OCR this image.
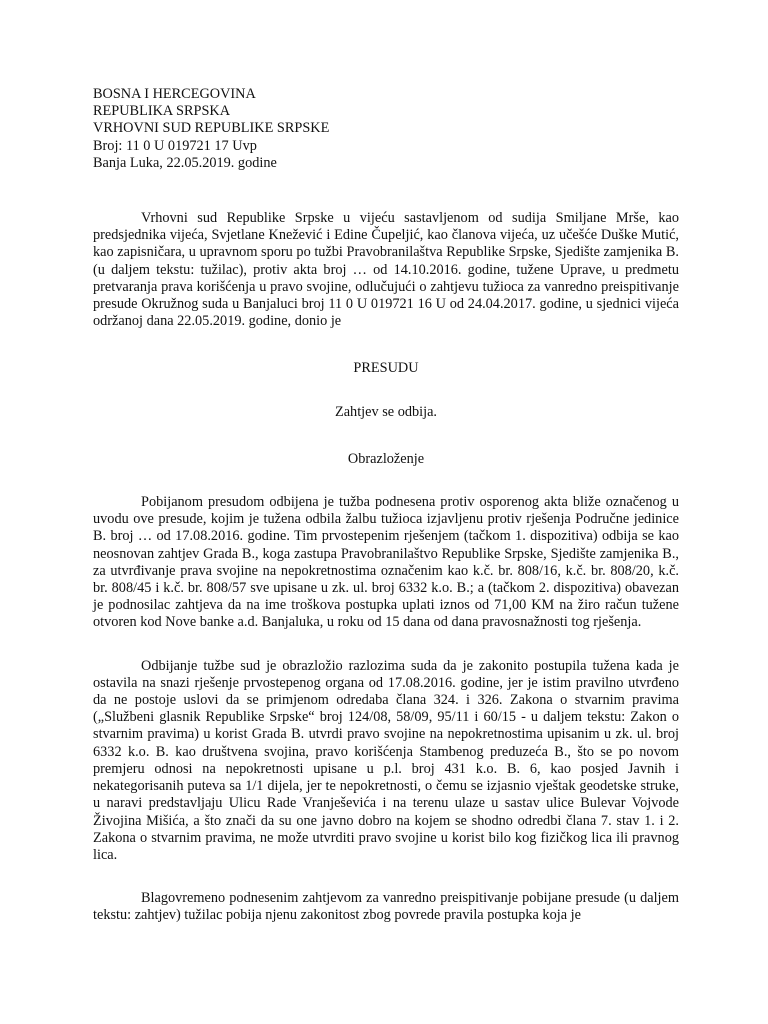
BOSNA I HERCEGOVINA

REPUBLIKA SRPSKA

VRHOVNI SUD REPUBLIKE SRPSKE

Broj: 11 0 U 019721 17 Uvp

Banja Luka, 22.05.2019. godine

Vrhovni sud Republike Srpske u vijeću sastavljenom od sudija Smiljane Mrše, kao predsjednika vijeća, Svjetlane Knežević i Edine Čupeljić, kao članova vijeća, uz učešće Duške Mutić, kao zapisničara, u upravnom sporu po tužbi Pravobranilaštva Republike Srpske, Sjedište zamjenika B. (u daljem tekstu: tužilac), protiv akta broj … od 14.10.2016. godine, tužene Uprave, u predmetu pretvaranja prava korišćenja u pravo svojine, odlučujući o zahtjevu tužioca za vanredno preispitivanje presude Okružnog suda u Banjaluci broj 11 0 U 019721 16 U od 24.04.2017. godine, u sjednici vijeća održanoj dana 22.05.2019. godine, donio je

PRESUDU

Zahtjev se odbija.

Obrazloženje

Pobijanom presudom odbijena je tužba podnesena protiv osporenog akta bliže označenog u uvodu ove presude, kojim je tužena odbila žalbu tužioca izjavljenu protiv rješenja Područne jedinice B. broj … od 17.08.2016. godine. Tim prvostepenim rješenjem (tačkom 1. dispozitiva) odbija se kao neosnovan zahtjev Grada B., koga zastupa Pravobranilaštvo Republike Srpske, Sjedište zamjenika B., za utvrđivanje prava svojine na nepokretnostima označenim kao k.č. br. 808/16, k.č. br. 808/20, k.č. br. 808/45 i k.č. br. 808/57 sve upisane u zk. ul. broj 6332 k.o. B.; a (tačkom 2. dispozitiva) obavezan je podnosilac zahtjeva da na ime troškova postupka uplati iznos od 71,00 KM na žiro račun tužene otvoren kod Nove banke a.d. Banjaluka, u roku od 15 dana od dana pravosnažnosti tog rješenja.

Odbijanje tužbe sud je obrazložio razlozima suda da je zakonito postupila tužena kada je ostavila na snazi rješenje prvostepenog organa od 17.08.2016. godine, jer je istim pravilno utvrđeno da ne postoje uslovi da se primjenom odredaba člana 324. i 326. Zakona o stvarnim pravima („Službeni glasnik Republike Srpske“ broj 124/08, 58/09, 95/11 i 60/15 - u daljem tekstu: Zakon o stvarnim pravima) u korist Grada B. utvrdi pravo svojine na nepokretnostima upisanim u zk. ul. broj 6332 k.o. B. kao društvena svojina, pravo korišćenja Stambenog preduzeća B., što se po novom premjeru odnosi na nepokretnosti upisane u p.l. broj 431 k.o. B. 6, kao posjed Javnih i nekategorisanih puteva sa 1/1 dijela, jer te nepokretnosti, o čemu se izjasnio vještak geodetske struke, u naravi predstavljaju Ulicu Rade Vranješevića i na terenu ulaze u sastav ulice Bulevar Vojvode Živojina Mišića, a što znači da su one javno dobro na kojem se shodno odredbi člana 7. stav 1. i 2. Zakona o stvarnim pravima, ne može utvrditi pravo svojine u korist bilo kog fizičkog lica ili pravnog lica.

Blagovremeno podnesenim zahtjevom za vanredno preispitivanje pobijane presude (u daljem tekstu: zahtjev) tužilac pobija njenu zakonitost zbog povrede pravila postupka koja je
